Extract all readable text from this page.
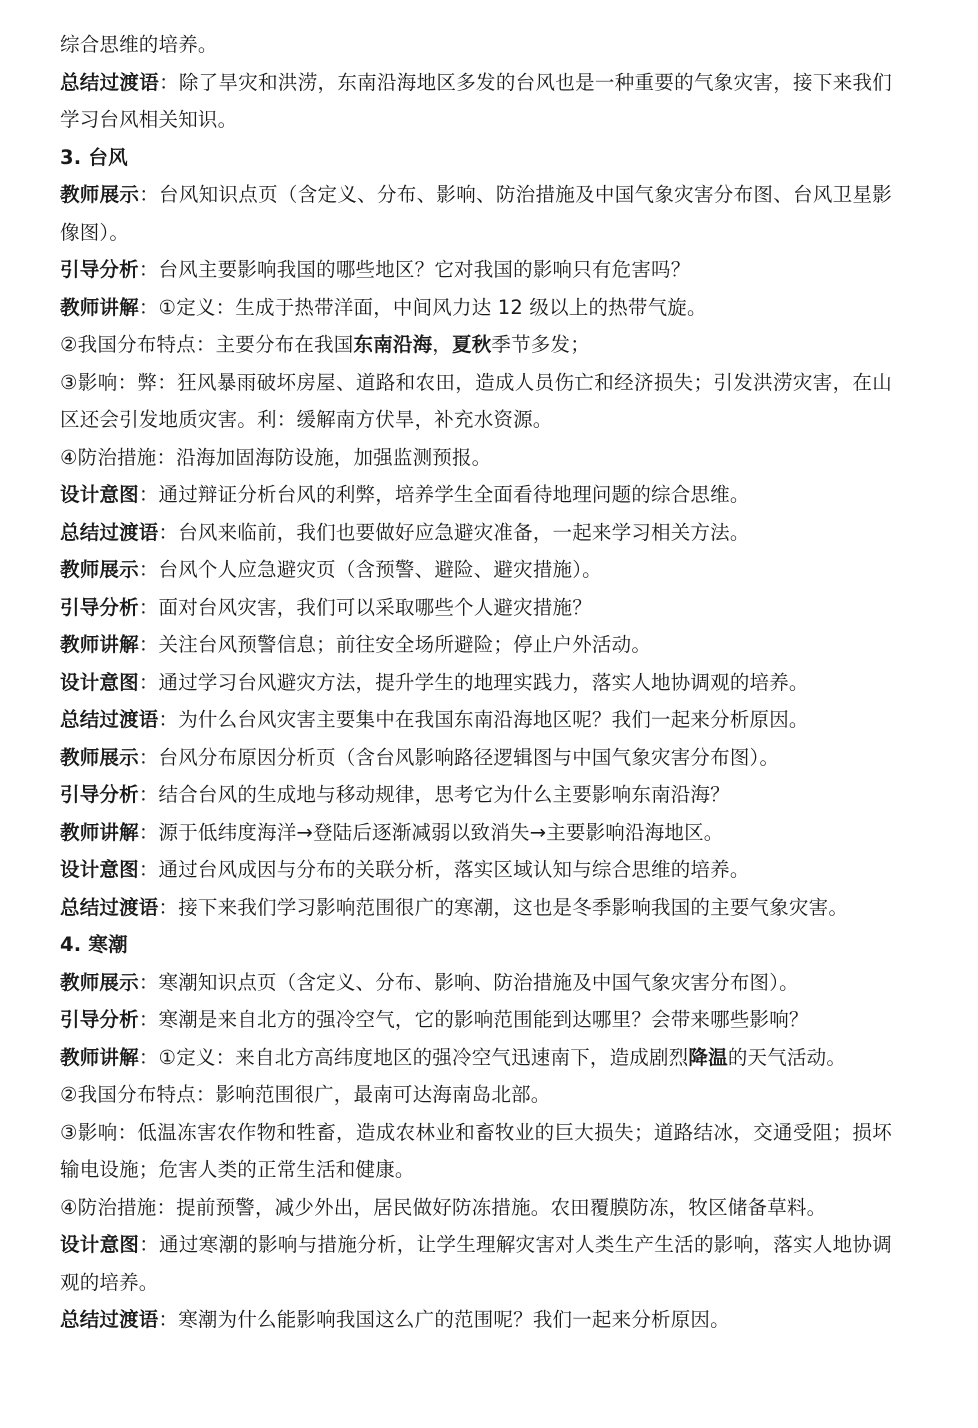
综合思维的培养。
总结过渡语：除了旱灾和洪涝，东南沿海地区多发的台风也是一种重要的气象灾害，接下来我们学习台风相关知识。
3. 台风
教师展示：台风知识点页（含定义、分布、影响、防治措施及中国气象灾害分布图、台风卫星影像图）。
引导分析：台风主要影响我国的哪些地区？它对我国的影响只有危害吗？
教师讲解：①定义：生成于热带洋面，中间风力达 12 级以上的热带气旋。
②我国分布特点：主要分布在我国东南沿海，夏秋季节多发；
③影响：弊：狂风暴雨破坏房屋、道路和农田，造成人员伤亡和经济损失；引发洪涝灾害，在山区还会引发地质灾害。利：缓解南方伏旱，补充水资源。
④防治措施：沿海加固海防设施，加强监测预报。
设计意图：通过辩证分析台风的利弊，培养学生全面看待地理问题的综合思维。
总结过渡语：台风来临前，我们也要做好应急避灾准备，一起来学习相关方法。
教师展示：台风个人应急避灾页（含预警、避险、避灾措施）。
引导分析：面对台风灾害，我们可以采取哪些个人避灾措施？
教师讲解：关注台风预警信息；前往安全场所避险；停止户外活动。
设计意图：通过学习台风避灾方法，提升学生的地理实践力，落实人地协调观的培养。
总结过渡语：为什么台风灾害主要集中在我国东南沿海地区呢？我们一起来分析原因。
教师展示：台风分布原因分析页（含台风影响路径逻辑图与中国气象灾害分布图）。
引导分析：结合台风的生成地与移动规律，思考它为什么主要影响东南沿海？
教师讲解：源于低纬度海洋→登陆后逐渐减弱以致消失→主要影响沿海地区。
设计意图：通过台风成因与分布的关联分析，落实区域认知与综合思维的培养。
总结过渡语：接下来我们学习影响范围很广的寒潮，这也是冬季影响我国的主要气象灾害。
4. 寒潮
教师展示：寒潮知识点页（含定义、分布、影响、防治措施及中国气象灾害分布图）。
引导分析：寒潮是来自北方的强冷空气，它的影响范围能到达哪里？会带来哪些影响？
教师讲解：①定义：来自北方高纬度地区的强冷空气迅速南下，造成剧烈降温的天气活动。
②我国分布特点：影响范围很广，最南可达海南岛北部。
③影响：低温冻害农作物和牲畜，造成农林业和畜牧业的巨大损失；道路结冰，交通受阻；损坏输电设施；危害人类的正常生活和健康。
④防治措施：提前预警，减少外出，居民做好防冻措施。农田覆膜防冻，牧区储备草料。
设计意图：通过寒潮的影响与措施分析，让学生理解灾害对人类生产生活的影响，落实人地协调观的培养。
总结过渡语：寒潮为什么能影响我国这么广的范围呢？我们一起来分析原因。
